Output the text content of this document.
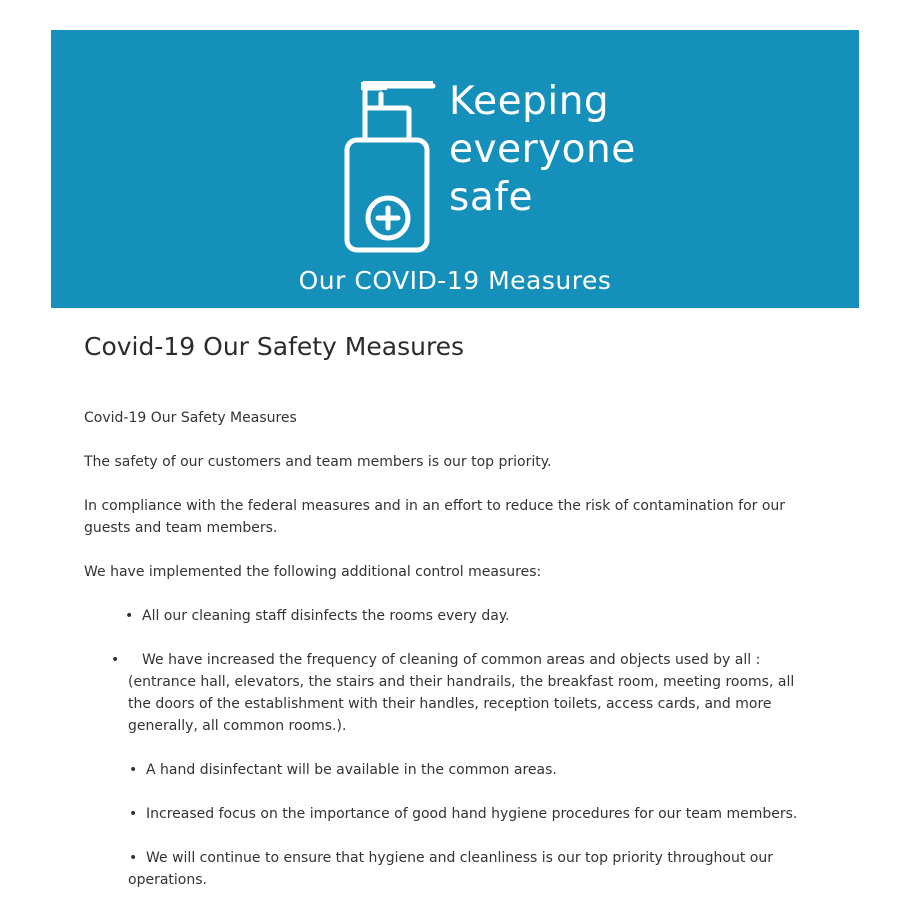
Keeping
everyone
safe
Our COVID-19 Measures
Covid-19 Our Safety Measures

Covid-19 Our Safety Measures

The safety of our customers and team members is our top priority.

In compliance with the federal measures and in an effort to reduce the risk of contamination for our guests and team members.

We have implemented the following additional control measures:

• All our cleaning staff disinfects the rooms every day.
• We have increased the frequency of cleaning of common areas and objects used by all : (entrance hall, elevators, the stairs and their handrails, the breakfast room, meeting rooms, all the doors of the establishment with their handles, reception toilets, access cards, and more generally, all common rooms.).
• A hand disinfectant will be available in the common areas.
• Increased focus on the importance of good hand hygiene procedures for our team members.
• We will continue to ensure that hygiene and cleanliness is our top priority throughout our operations.
